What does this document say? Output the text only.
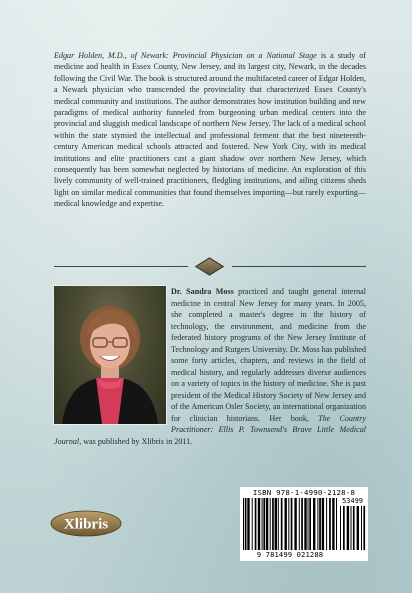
Edgar Holden, M.D., of Newark: Provincial Physician on a National Stage is a study of medicine and health in Essex County, New Jersey, and its largest city, Newark, in the decades following the Civil War. The book is structured around the multifaceted career of Edgar Holden, a Newark physician who transcended the provinciality that characterized Essex County's medical community and institutions. The author demonstrates how institution building and new paradigms of medical authority funneled from burgeoning urban medical centers into the provincial and sluggish medical landscape of northern New Jersey. The lack of a medical school within the state stymied the intellectual and professional ferment that the best nineteenth-century American medical schools attracted and fostered. New York City, with its medical institutions and elite practitioners cast a giant shadow over northern New Jersey, which consequently has been somewhat neglected by historians of medicine. An exploration of this lively community of well-trained practitioners, fledgling institutions, and ailing citizens sheds light on similar medical communities that found themselves importing—but rarely exporting—medical knowledge and expertise.
Dr. Sandra Moss practiced and taught general internal medicine in central New Jersey for many years. In 2005, she completed a master's degree in the history of technology, the environment, and medicine from the federated history programs of the New Jersey Institute of Technology and Rutgers University. Dr. Moss has published some forty articles, chapters, and reviews in the field of medical history, and regularly addresses diverse audiences on a variety of topics in the history of medicine. She is past president of the Medical History Society of New Jersey and of the American Osler Society, an international organization for clinician historians. Her book, The Country Practitioner: Ellis P. Townsend's Brave Little Medical Journal, was published by Xlibris in 2011.
Xlibris
ISBN 978-1-4990-2128-8
53499
9 781499 021288
